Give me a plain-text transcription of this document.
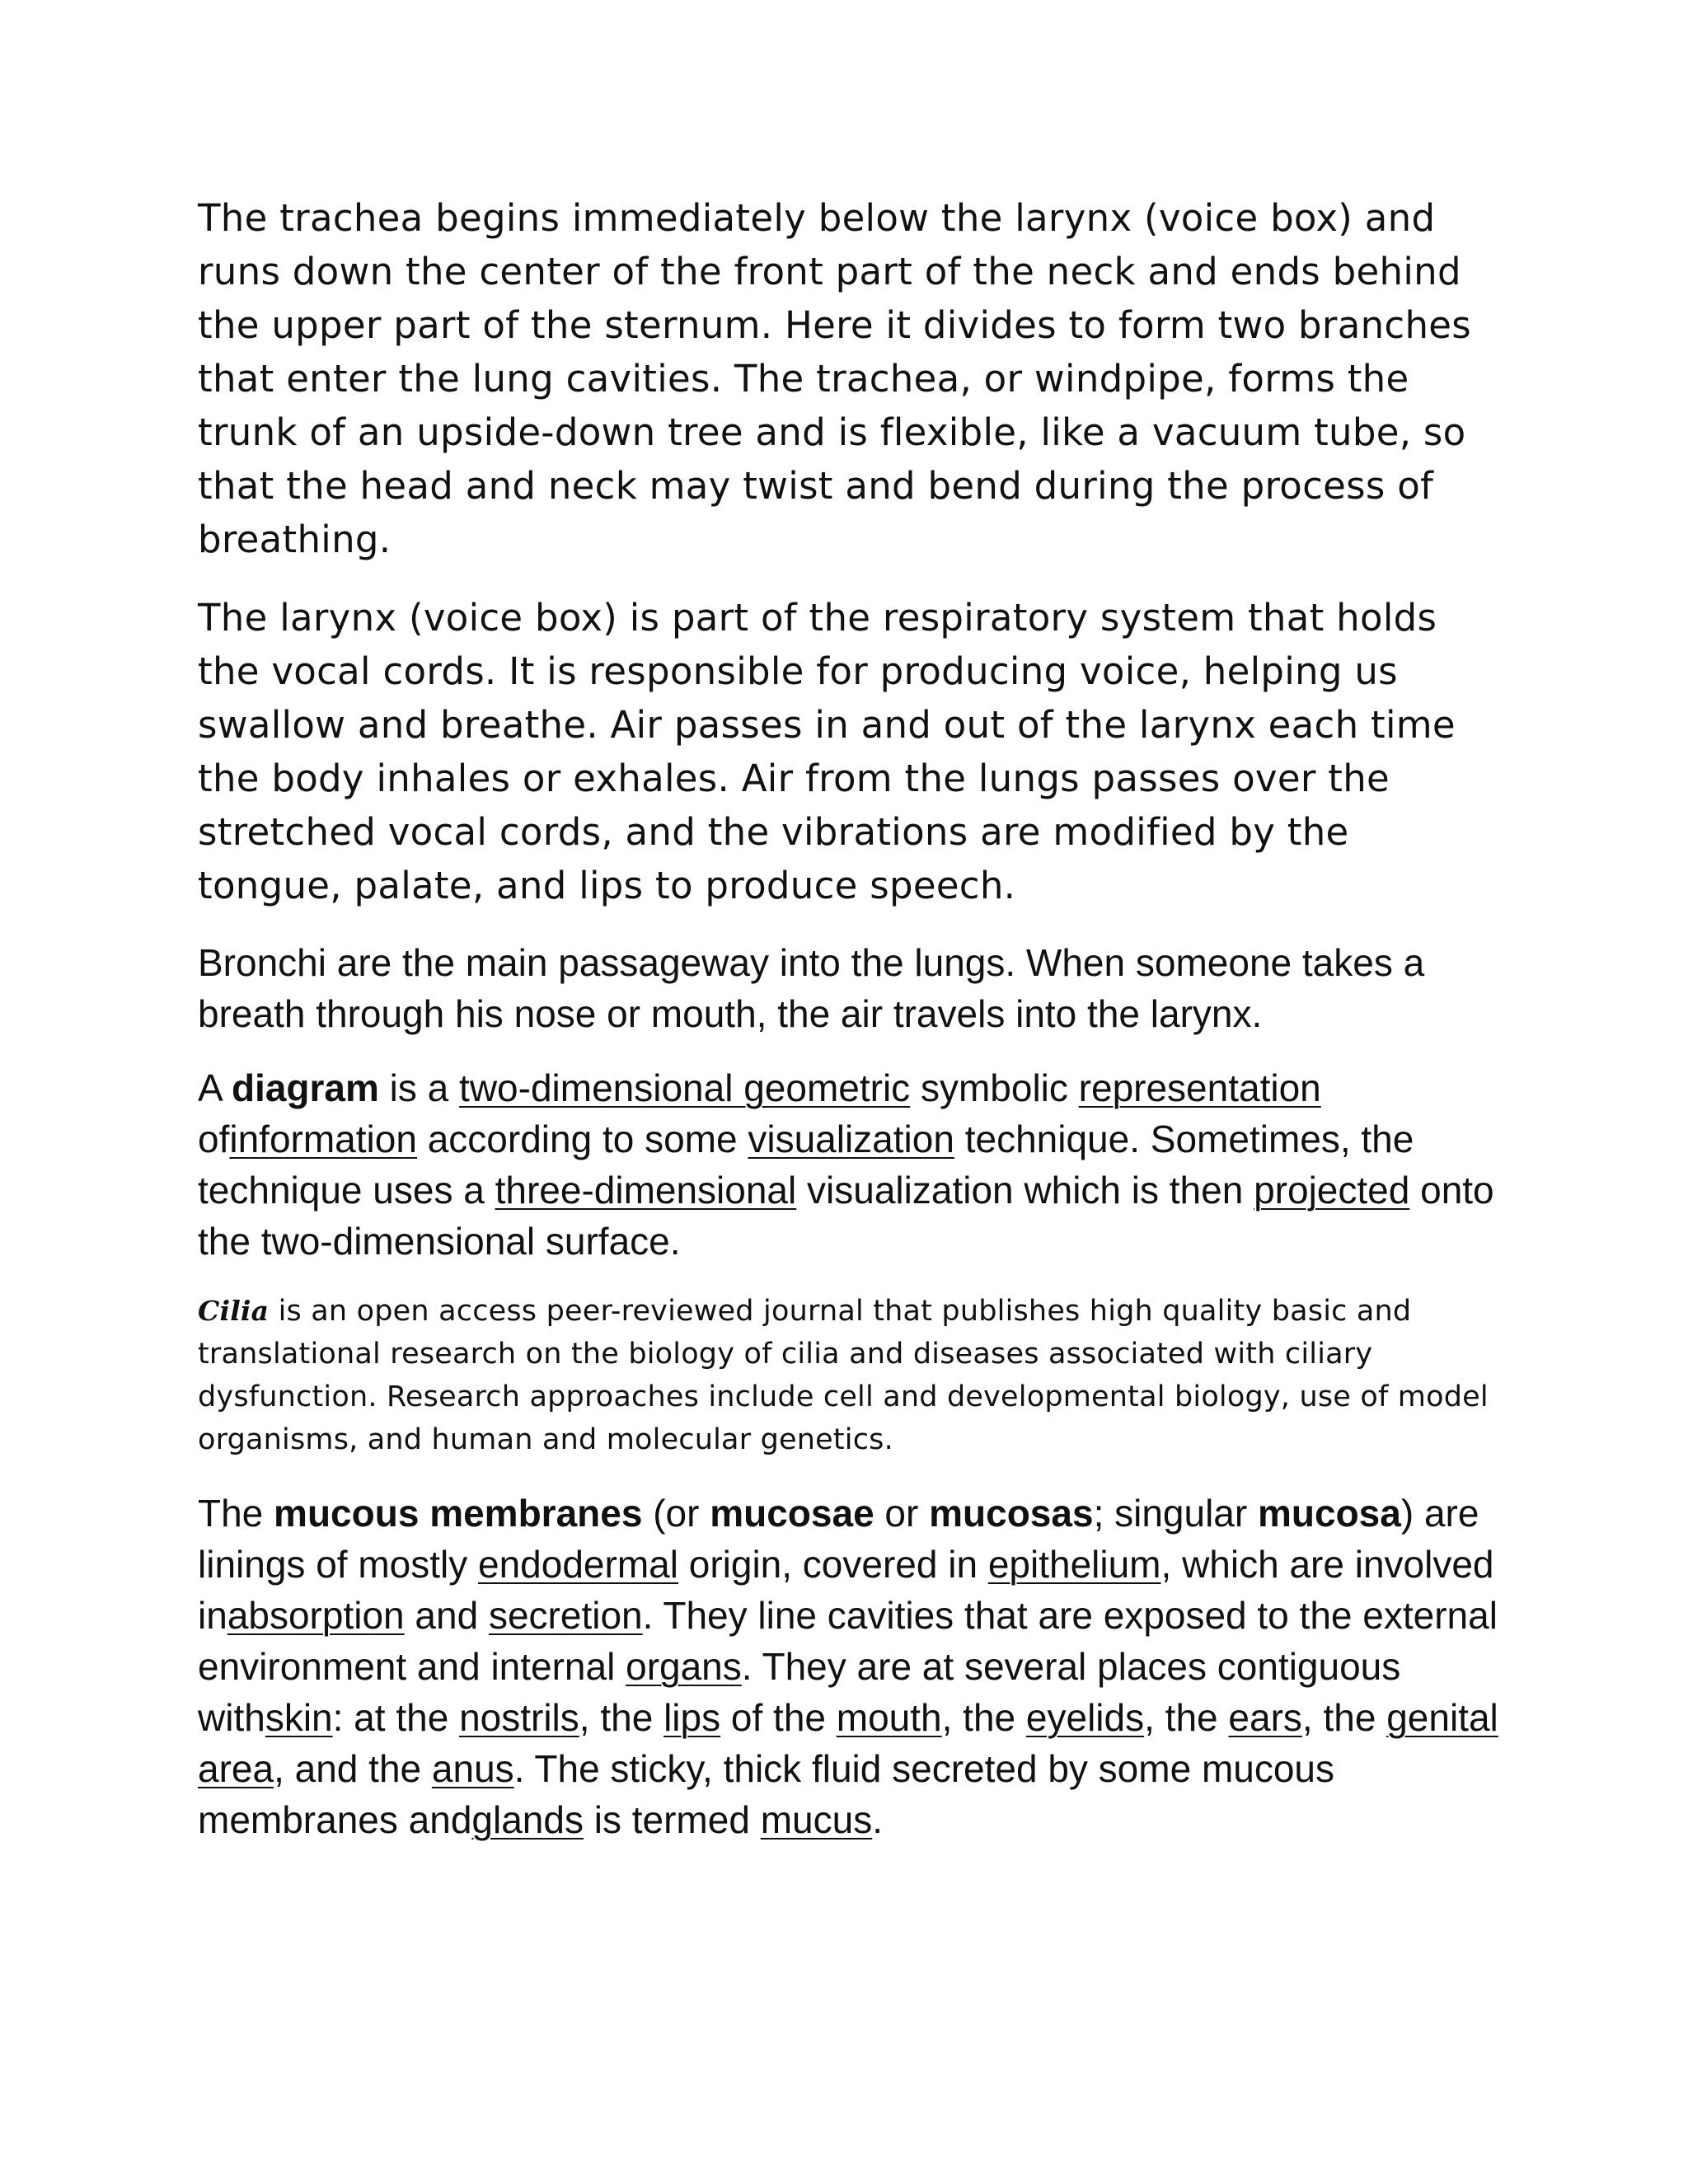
The trachea begins immediately below the larynx (voice box) and runs down the center of the front part of the neck and ends behind the upper part of the sternum. Here it divides to form two branches that enter the lung cavities. The trachea, or windpipe, forms the trunk of an upside-down tree and is flexible, like a vacuum tube, so that the head and neck may twist and bend during the process of breathing.

The larynx (voice box) is part of the respiratory system that holds the vocal cords. It is responsible for producing voice, helping us swallow and breathe. Air passes in and out of the larynx each time the body inhales or exhales. Air from the lungs passes over the stretched vocal cords, and the vibrations are modified by the tongue, palate, and lips to produce speech.

Bronchi are the main passageway into the lungs. When someone takes a breath through his nose or mouth, the air travels into the larynx.

A diagram is a two-dimensional geometric symbolic representation ofinformation according to some visualization technique. Sometimes, the technique uses a three-dimensional visualization which is then projected onto the two-dimensional surface.

Cilia is an open access peer-reviewed journal that publishes high quality basic and translational research on the biology of cilia and diseases associated with ciliary dysfunction. Research approaches include cell and developmental biology, use of model organisms, and human and molecular genetics.

The mucous membranes (or mucosae or mucosas; singular mucosa) are linings of mostly endodermal origin, covered in epithelium, which are involved inabsorption and secretion. They line cavities that are exposed to the external environment and internal organs. They are at several places contiguous withskin: at the nostrils, the lips of the mouth, the eyelids, the ears, the genital area, and the anus. The sticky, thick fluid secreted by some mucous membranes andglands is termed mucus.
